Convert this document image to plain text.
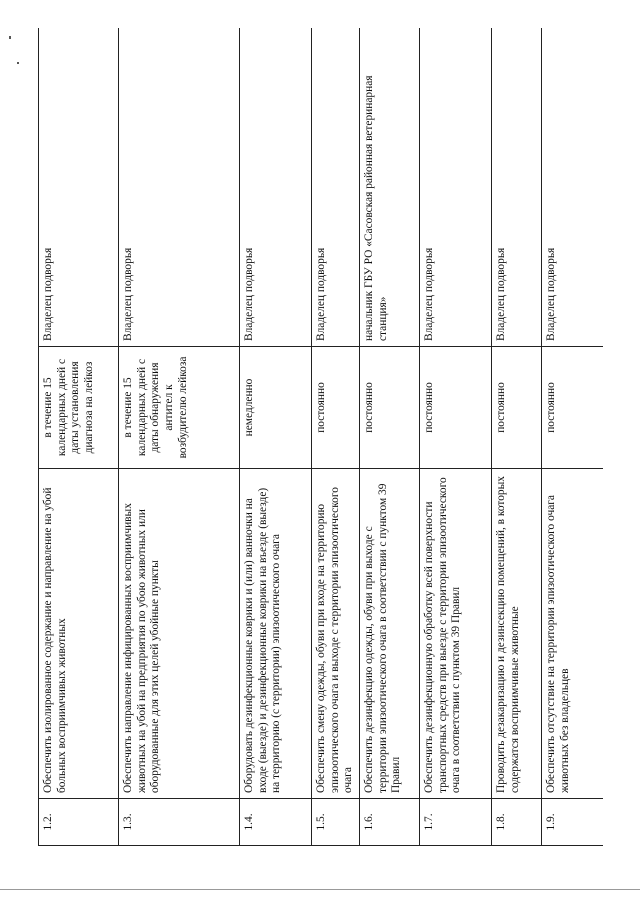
1.2.	Обеспечить изолированное содержание и направление на убой больных восприимчивых животных	в течение 15 календарных дней с даты установления диагноза на лейкоз	Владелец подворья
1.3.	Обеспечить направление инфицированных восприимчивых животных на убой на предприятия по убою животных или оборудованные для этих целей убойные пункты	в течение 15 календарных дней с даты обнаружения антител к возбудителю лейкоза	Владелец подворья
1.4.	Оборудовать дезинфекционные коврики и (или) ванночки на входе (выезде) и дезинфекционные коврики на въезде (выезде) на территорию (с территории) эпизоотического очага	немедленно	Владелец подворья
1.5.	Обеспечить смену одежды, обуви при входе на территорию эпизоотического очага и выходе с территории эпизоотического очага	постоянно	Владелец подворья
1.6.	Обеспечить дезинфекцию одежды, обуви при выходе с территории эпизоотического очага в соответствии с пунктом 39 Правил	постоянно	начальник ГБУ РО «Сасовская районная ветеринарная станция»
1.7.	Обеспечить дезинфекционную обработку всей поверхности транспортных средств при выезде с территории эпизоотического очага в соответствии с пунктом 39 Правил	постоянно	Владелец подворья
1.8.	Проводить дезакаризацию и дезинсекцию помещений, в которых содержатся восприимчивые животные	постоянно	Владелец подворья
1.9.	Обеспечить отсутствие на территории эпизоотического очага животных без владельцев	постоянно	Владелец подворья
